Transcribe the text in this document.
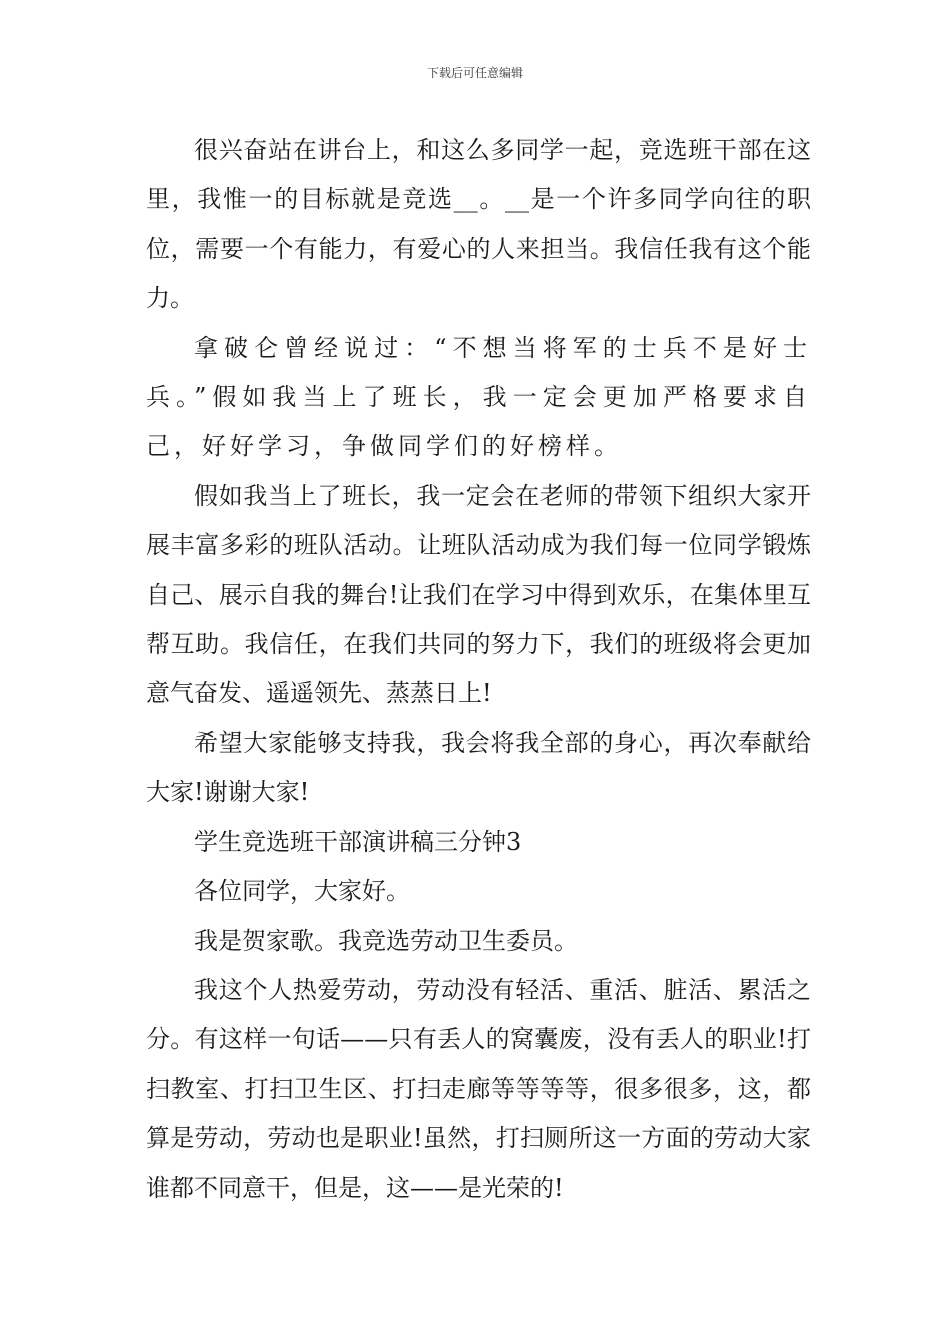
下载后可任意编辑

很兴奋站在讲台上，和这么多同学一起，竞选班干部在这里，我惟一的目标就是竞选__。__是一个许多同学向往的职位，需要一个有能力，有爱心的人来担当。我信任我有这个能力。

拿破仑曾经说过：“不想当将军的士兵不是好士兵。”假如我当上了班长，我一定会更加严格要求自己，好好学习，争做同学们的好榜样。

假如我当上了班长，我一定会在老师的带领下组织大家开展丰富多彩的班队活动。让班队活动成为我们每一位同学锻炼自己、展示自我的舞台!让我们在学习中得到欢乐，在集体里互帮互助。我信任，在我们共同的努力下，我们的班级将会更加意气奋发、遥遥领先、蒸蒸日上!

希望大家能够支持我，我会将我全部的身心，再次奉献给大家!谢谢大家!

学生竞选班干部演讲稿三分钟3

各位同学，大家好。

我是贺家歌。我竞选劳动卫生委员。

我这个人热爱劳动，劳动没有轻活、重活、脏活、累活之分。有这样一句话——只有丢人的窝囊废，没有丢人的职业!打扫教室、打扫卫生区、打扫走廊等等等等，很多很多，这，都算是劳动，劳动也是职业!虽然，打扫厕所这一方面的劳动大家谁都不同意干，但是，这——是光荣的!
